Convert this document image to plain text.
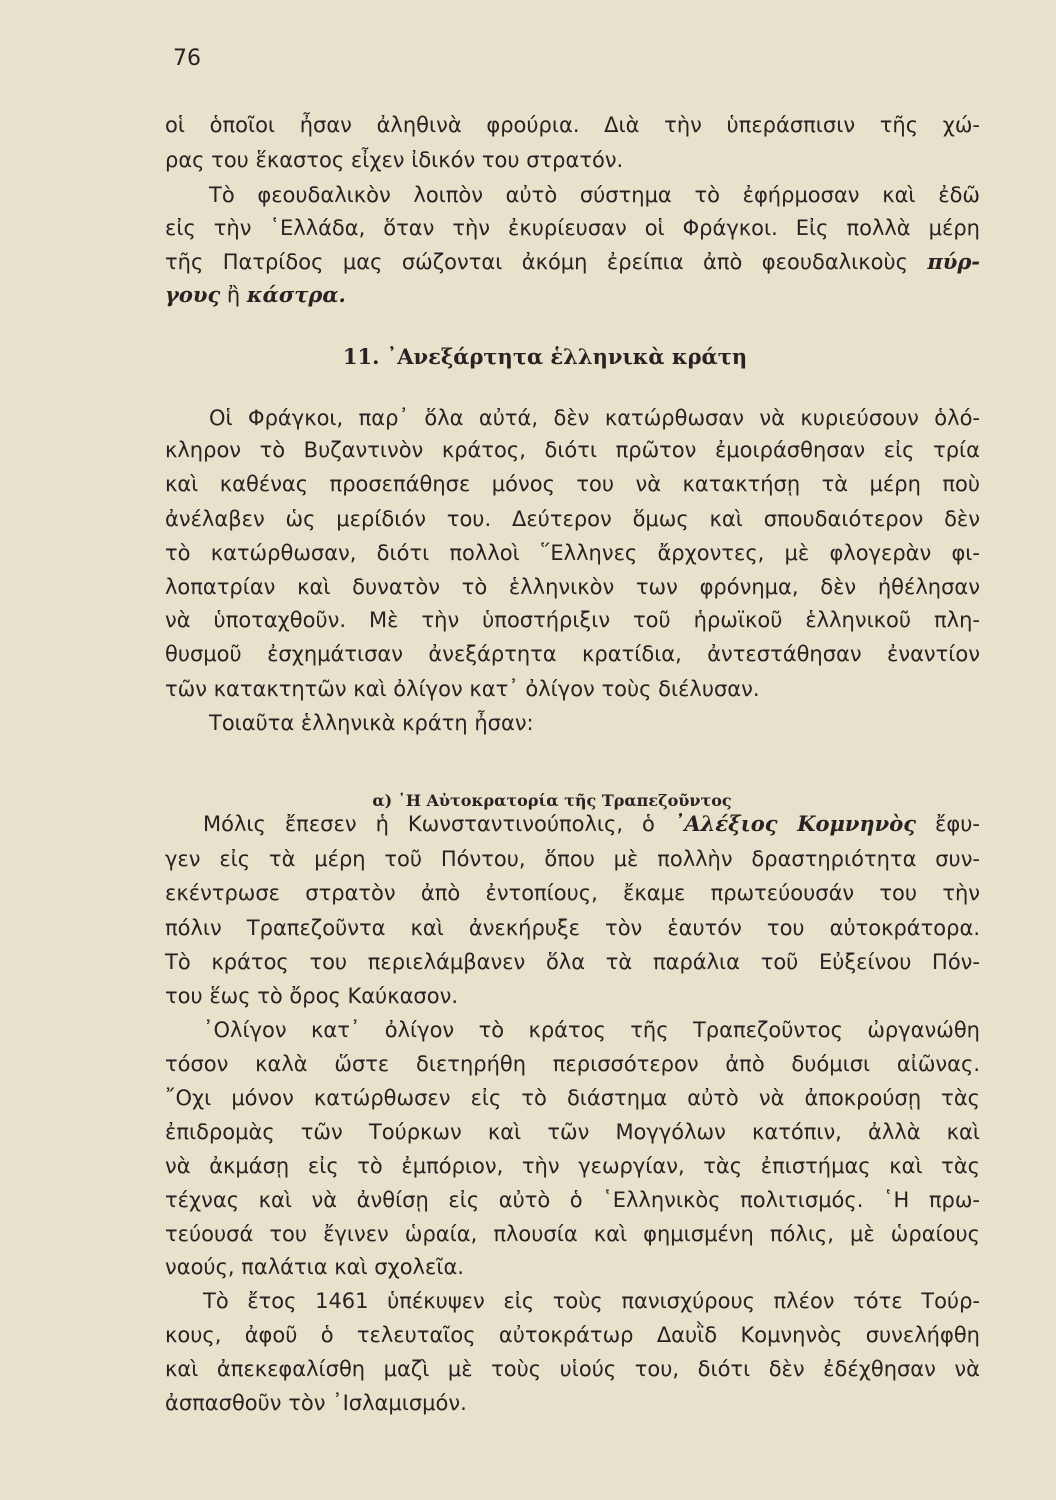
76
οἱ ὁποῖοι ἦσαν ἀληθινὰ φρούρια. Διὰ τὴν ὑπεράσπισιν τῆς χώ-
ρας του ἕκαστος εἶχεν ἰδικόν του στρατόν.
Τὸ φεουδαλικὸν λοιπὸν αὐτὸ σύστημα τὸ ἐφήρμοσαν καὶ ἐδῶ
εἰς τὴν ῾Ελλάδα, ὅταν τὴν ἐκυρίευσαν οἱ Φράγκοι. Εἰς πολλὰ μέρη
τῆς Πατρίδος μας σώζονται ἀκόμη ἐρείπια ἀπὸ φεουδαλικοὺς πύρ-
γους ἢ κάστρα.
11. ᾿Ανεξάρτητα ἑλληνικὰ κράτη
Οἱ Φράγκοι, παρ᾿ ὅλα αὐτά, δὲν κατώρθωσαν νὰ κυριεύσουν ὁλό-
κληρον τὸ Βυζαντινὸν κράτος, διότι πρῶτον ἐμοιράσθησαν εἰς τρία
καὶ καθένας προσεπάθησε μόνος του νὰ κατακτήσῃ τὰ μέρη ποὺ
ἀνέλαβεν ὡς μερίδιόν του. Δεύτερον ὅμως καὶ σπουδαιότερον δὲν
τὸ κατώρθωσαν, διότι πολλοὶ ῞Ελληνες ἄρχοντες, μὲ φλογερὰν φι-
λοπατρίαν καὶ δυνατὸν τὸ ἑλληνικὸν των φρόνημα, δὲν ἠθέλησαν
νὰ ὑποταχθοῦν. Μὲ τὴν ὑποστήριξιν τοῦ ἡρωϊκοῦ ἑλληνικοῦ πλη-
θυσμοῦ ἐσχημάτισαν ἀνεξάρτητα κρατίδια, ἀντεστάθησαν ἐναντίον
τῶν κατακτητῶν καὶ ὀλίγον κατ᾿ ὀλίγον τοὺς διέλυσαν.
Τοιαῦτα ἑλληνικὰ κράτη ἦσαν:
α) ῾Η Αὐτοκρατορία τῆς Τραπεζοῦντος
Μόλις ἔπεσεν ἡ Κωνσταντινούπολις, ὁ ᾿Αλέξιος Κομνηνὸς ἔφυ-
γεν εἰς τὰ μέρη τοῦ Πόντου, ὅπου μὲ πολλὴν δραστηριότητα συν-
εκέντρωσε στρατὸν ἀπὸ ἐντοπίους, ἔκαμε πρωτεύουσάν του τὴν
πόλιν Τραπεζοῦντα καὶ ἀνεκήρυξε τὸν ἑαυτόν του αὐτοκράτορα.
Τὸ κράτος του περιελάμβανεν ὅλα τὰ παράλια τοῦ Εὐξείνου Πόν-
του ἕως τὸ ὄρος Καύκασον.
᾿Ολίγον κατ᾿ ὀλίγον τὸ κράτος τῆς Τραπεζοῦντος ὠργανώθη
τόσον καλὰ ὥστε διετηρήθη περισσότερον ἀπὸ δυόμισι αἰῶνας.
῎Οχι μόνον κατώρθωσεν εἰς τὸ διάστημα αὐτὸ νὰ ἀποκρούσῃ τὰς
ἐπιδρομὰς τῶν Τούρκων καὶ τῶν Μογγόλων κατόπιν, ἀλλὰ καὶ
νὰ ἀκμάσῃ εἰς τὸ ἐμπόριον, τὴν γεωργίαν, τὰς ἐπιστήμας καὶ τὰς
τέχνας καὶ νὰ ἀνθίσῃ εἰς αὐτὸ ὁ ῾Ελληνικὸς πολιτισμός. ῾Η πρω-
τεύουσά του ἔγινεν ὡραία, πλουσία καὶ φημισμένη πόλις, μὲ ὡραίους
ναούς, παλάτια καὶ σχολεῖα.
Τὸ ἔτος 1461 ὑπέκυψεν εἰς τοὺς πανισχύρους πλέον τότε Τούρ-
κους, ἀφοῦ ὁ τελευταῖος αὐτοκράτωρ Δαυῒδ Κομνηνὸς συνελήφθη
καὶ ἀπεκεφαλίσθη μαζὶ μὲ τοὺς υἱούς του, διότι δὲν ἐδέχθησαν νὰ
ἀσπασθοῦν τὸν ᾿Ισλαμισμόν.
